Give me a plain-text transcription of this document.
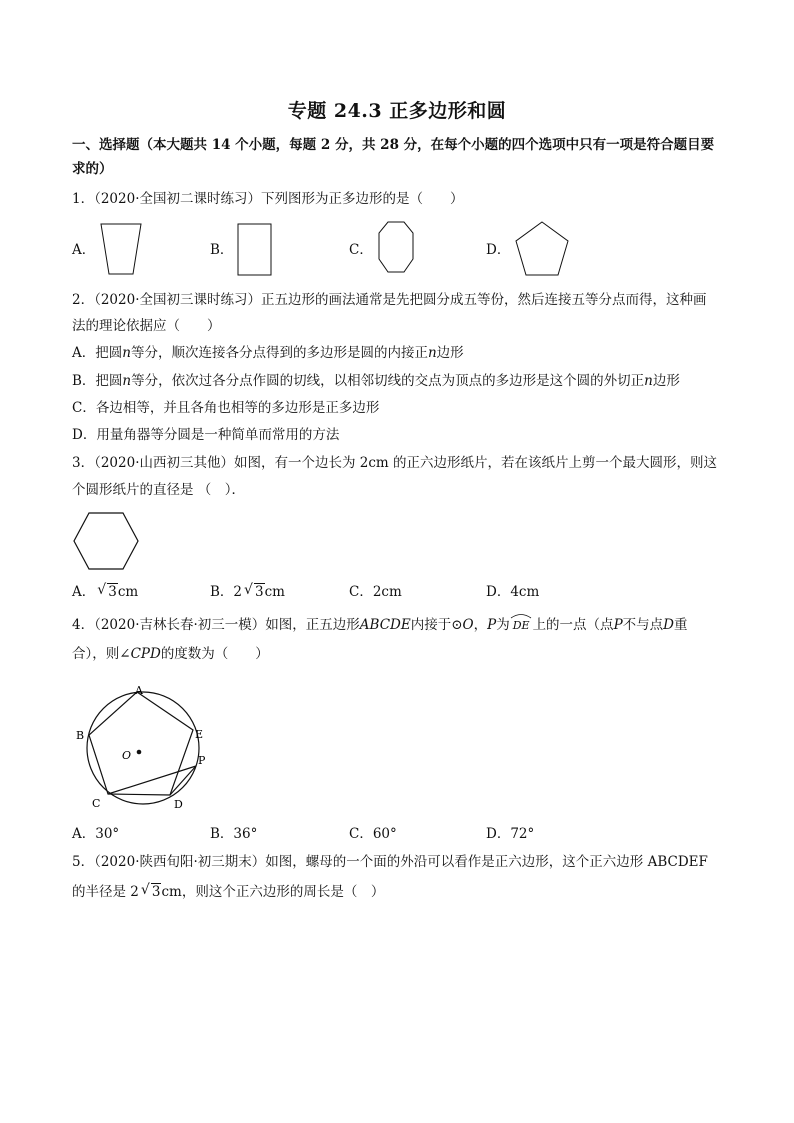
专题 24.3 正多边形和圆
一、选择题（本大题共 14 个小题，每题 2 分，共 28 分，在每个小题的四个选项中只有一项是符合题目要
求的）
1．（2020·全国初二课时练习）下列图形为正多边形的是（　　）
A．	B．	C．	D．
2．（2020·全国初三课时练习）正五边形的画法通常是先把圆分成五等份，然后连接五等分点而得，这种画
法的理论依据应（　　）
A．把圆n等分，顺次连接各分点得到的多边形是圆的内接正n边形
B．把圆n等分，依次过各分点作圆的切线，以相邻切线的交点为顶点的多边形是这个圆的外切正n边形
C．各边相等，并且各角也相等的多边形是正多边形
D．用量角器等分圆是一种简单而常用的方法
3．（2020·山西初三其他）如图，有一个边长为 2cm 的正六边形纸片，若在该纸片上剪一个最大圆形，则这
个圆形纸片的直径是 （　）．
A． √ 3cm	B．2 √ 3cm	C．2cm	D．4cm
4．（2020·吉林长春·初三一模）如图，正五边形ABCDE内接于⊙O，P为 DE 上的一点（点P不与点D重
合），则∠CPD的度数为（　　）
A
B
C	D
E
P
O
A．30°	B．36°	C．60°	D．72°
5．（2020·陕西旬阳·初三期末）如图，螺母的一个面的外沿可以看作是正六边形，这个正六边形 ABCDEF
的半径是 2 √ 3cm，则这个正六边形的周长是（　）
